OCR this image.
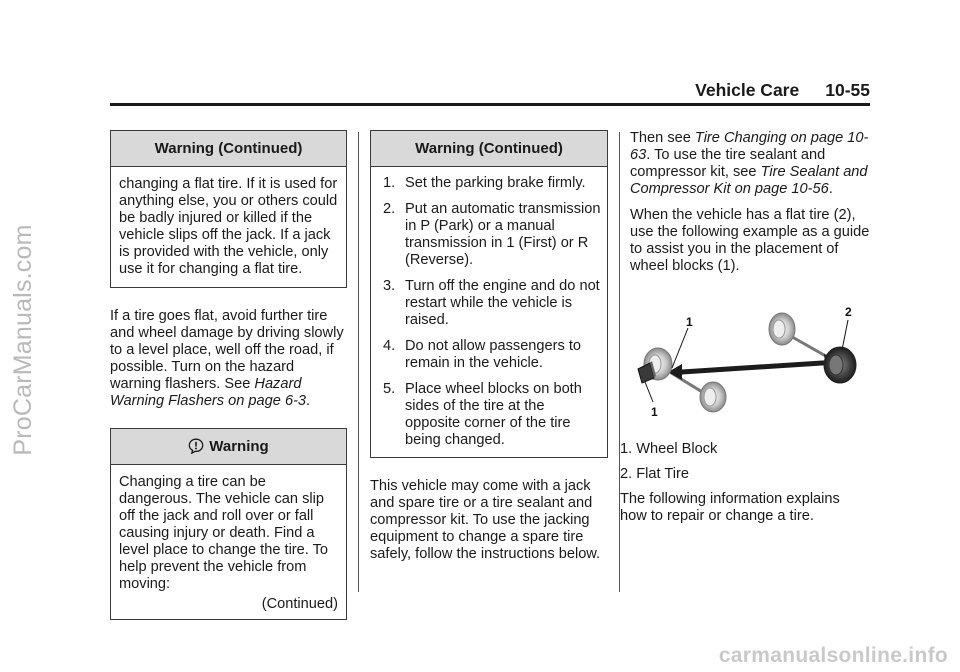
ProCarManuals.com
carmanualsonline.info
Vehicle Care 10-55
Warning (Continued)
changing a flat tire. If it is used for anything else, you or others could be badly injured or killed if the vehicle slips off the jack. If a jack is provided with the vehicle, only use it for changing a flat tire.

If a tire goes flat, avoid further tire and wheel damage by driving slowly to a level place, well off the road, if possible. Turn on the hazard warning flashers. See Hazard Warning Flashers on page 6-3.

Warning

Changing a tire can be dangerous. The vehicle can slip off the jack and roll over or fall causing injury or death. Find a level place to change the tire. To help prevent the vehicle from moving:

(Continued)

Warning (Continued)
1. Set the parking brake firmly.
2. Put an automatic transmission in P (Park) or a manual transmission in 1 (First) or R (Reverse).
3. Turn off the engine and do not restart while the vehicle is raised.
4. Do not allow passengers to remain in the vehicle.
5. Place wheel blocks on both sides of the tire at the opposite corner of the tire being changed.

This vehicle may come with a jack and spare tire or a tire sealant and compressor kit. To use the jacking equipment to change a spare tire safely, follow the instructions below.

Then see Tire Changing on page 10-63. To use the tire sealant and compressor kit, see Tire Sealant and Compressor Kit on page 10-56.

When the vehicle has a flat tire (2), use the following example as a guide to assist you in the placement of wheel blocks (1).

1
1
2

1. Wheel Block

2. Flat Tire

The following information explains how to repair or change a tire.
